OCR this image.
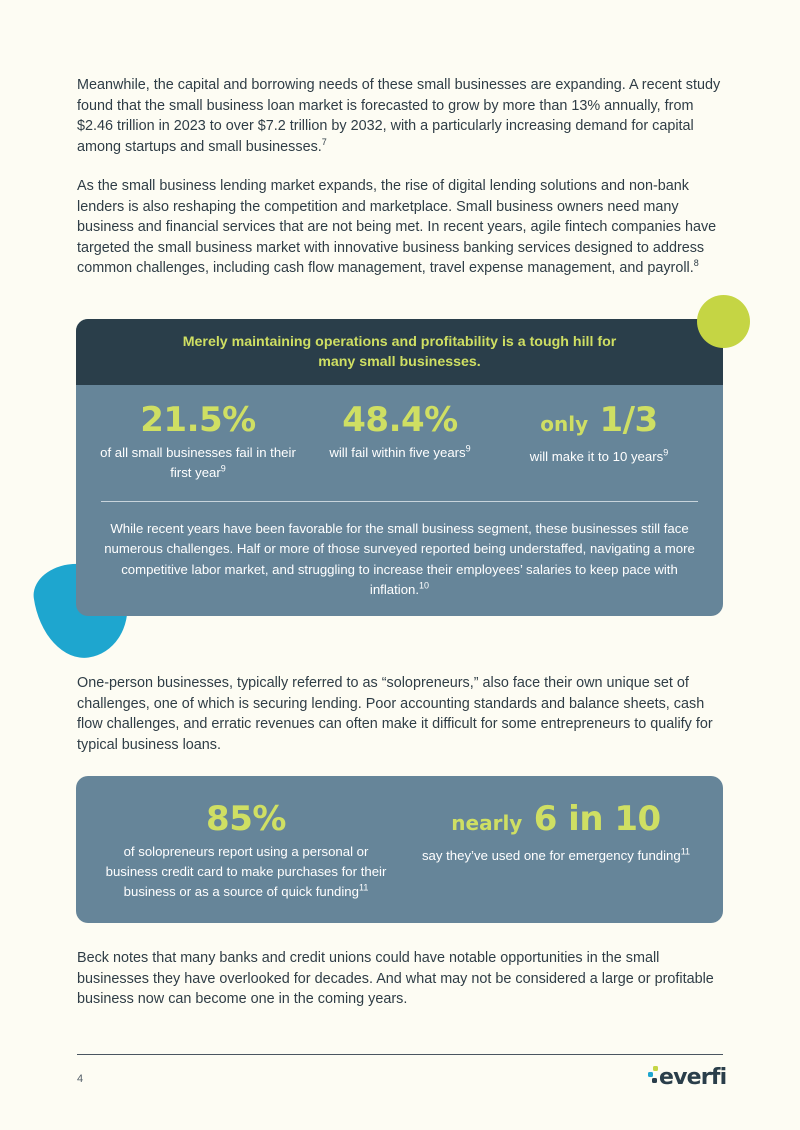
Meanwhile, the capital and borrowing needs of these small businesses are expanding. A recent study found that the small business loan market is forecasted to grow by more than 13% annually, from $2.46 trillion in 2023 to over $7.2 trillion by 2032, with a particularly increasing demand for capital among startups and small businesses.$^7$

As the small business lending market expands, the rise of digital lending solutions and non-bank lenders is also reshaping the competition and marketplace. Small business owners need many business and financial services that are not being met. In recent years, agile fintech companies have targeted the small business market with innovative business banking services designed to address common challenges, including cash flow management, travel expense management, and payroll.$^8$

Merely maintaining operations and profitability is a tough hill for many small businesses.
21.5%
of all small businesses fail in their first year$^9$
48.4%
will fail within five years$^9$
only 1/3
will make it to 10 years$^9$
While recent years have been favorable for the small business segment, these businesses still face numerous challenges. Half or more of those surveyed reported being understaffed, navigating a more competitive labor market, and struggling to increase their employees’ salaries to keep pace with inflation.$^{10}$

One-person businesses, typically referred to as “solopreneurs,” also face their own unique set of challenges, one of which is securing lending. Poor accounting standards and balance sheets, cash flow challenges, and erratic revenues can often make it difficult for some entrepreneurs to qualify for typical business loans.

85%
of solopreneurs report using a personal or business credit card to make purchases for their business or as a source of quick funding$^{11}$
nearly 6 in 10
say they’ve used one for emergency funding$^{11}$

Beck notes that many banks and credit unions could have notable opportunities in the small businesses they have overlooked for decades. And what may not be considered a large or profitable business now can become one in the coming years.

4	everfi
